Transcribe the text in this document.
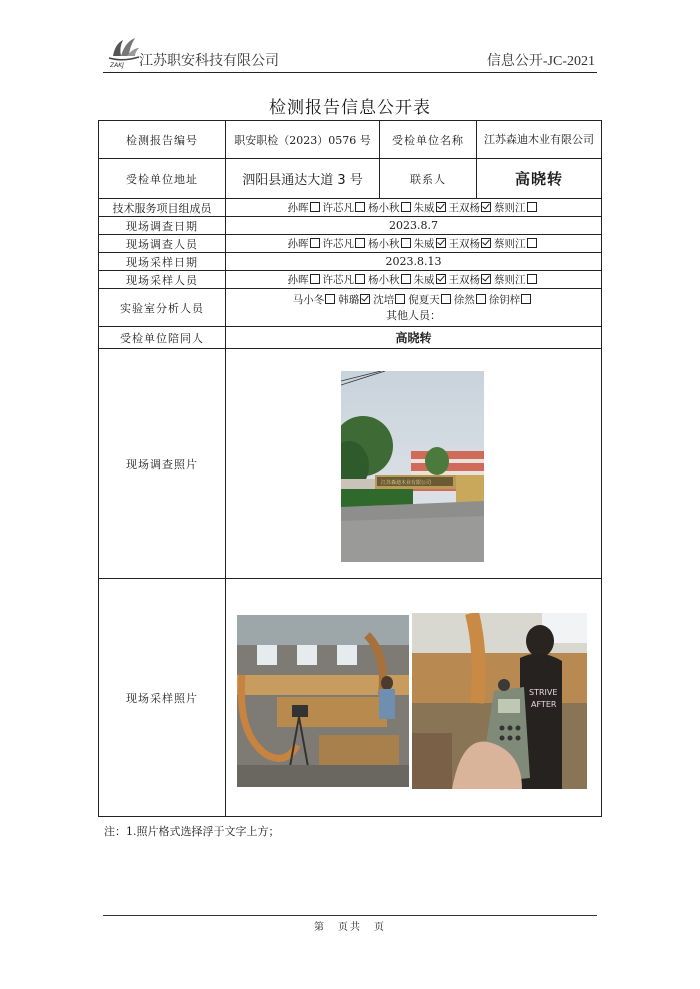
ZAKJ 江苏职安科技有限公司	信息公开-JC-2021
检测报告信息公开表
检测报告编号	职安职检（2023）0576 号	受检单位名称	江苏森迪木业有限公司
受检单位地址	泗阳县通达大道 3 号	联系人	高晓转
技术服务项目组成员	孙晖 许芯凡 杨小秋 朱威 王双杨 蔡则江		
现场调查日期	2023.8.7		
现场调查人员	孙晖 许芯凡 杨小秋 朱威 王双杨 蔡则江		
现场采样日期	2023.8.13		
现场采样人员	孙晖 许芯凡 杨小秋 朱威 王双杨 蔡则江		
实验室分析人员	马小冬 韩璐 沈培 倪夏天 徐然 徐钥梓
其他人员：		

受检单位陪同人	高晓转		
现场调查照片			
现场采样照片			
江苏森迪木业有限公司
STRIVE
AFTER
注：1.照片格式选择浮于文字上方；
第　页共　页
